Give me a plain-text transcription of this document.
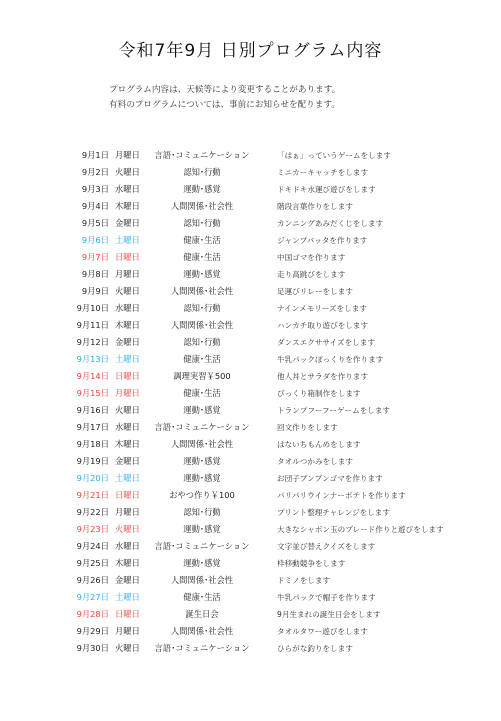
令和7年9月 日別プログラム内容
プログラム内容は、天候等により変更することがあります。
有料のプログラムについては、事前にお知らせを配ります。
9月1日 月曜日 言語･コミュニケーション	「はぁ」っていうゲームをします
9月2日 火曜日	認知･行動	ミニカーキャッチをします
9月3日 水曜日	運動･感覚	ドキドキ水運び遊びをします
9月4日 木曜日	人間関係･社会性	階段言葉作りをします
9月5日 金曜日	認知･行動	カンニングあみだくじをします
9月6日 土曜日	健康･生活	ジャンプバッタを作ります
9月7日 日曜日	健康･生活	中国ゴマを作ります
9月8日 月曜日	運動･感覚	走り高跳びをします
9月9日 火曜日	人間関係･社会性	足運びリレーをします
9月10日 水曜日	認知･行動	ナインメモリーズをします
9月11日 木曜日	人間関係･社会性	ハンカチ取り遊びをします
9月12日 金曜日	認知･行動	ダンスエクササイズをします
9月13日 土曜日	健康･生活	牛乳パックぽっくりを作ります
9月14日 日曜日	調理実習￥500	他人丼とサラダを作ります
9月15日 月曜日	健康･生活	びっくり箱制作をします
9月16日 火曜日	運動･感覚	トランプフーフーゲームをします
9月17日 水曜日 言語･コミュニケーション	回文作りをします
9月18日 木曜日	人間関係･社会性	はないちもんめをします
9月19日 金曜日	運動･感覚	タオルつかみをします
9月20日 土曜日	運動･感覚	お団子ブンブンゴマを作ります
9月21日 日曜日	おやつ作り￥100	パリパリウインナーポテトを作ります
9月22日 月曜日	認知･行動	プリント整理チャレンジをします
9月23日 火曜日	運動･感覚	大きなシャボン玉のプレード作りと遊びをします
9月24日 水曜日 言語･コミュニケーション	文字並び替えクイズをします
9月25日 木曜日	運動･感覚	枠移動競争をします
9月26日 金曜日	人間関係･社会性	ドミノをします
9月27日 土曜日	健康･生活	牛乳パックで帽子を作ります
9月28日 日曜日	誕生日会	9月生まれの誕生日会をします
9月29日 月曜日	人間関係･社会性	タオルタワー遊びをします
9月30日 火曜日 言語･コミュニケーション	ひらがな釣りをします
